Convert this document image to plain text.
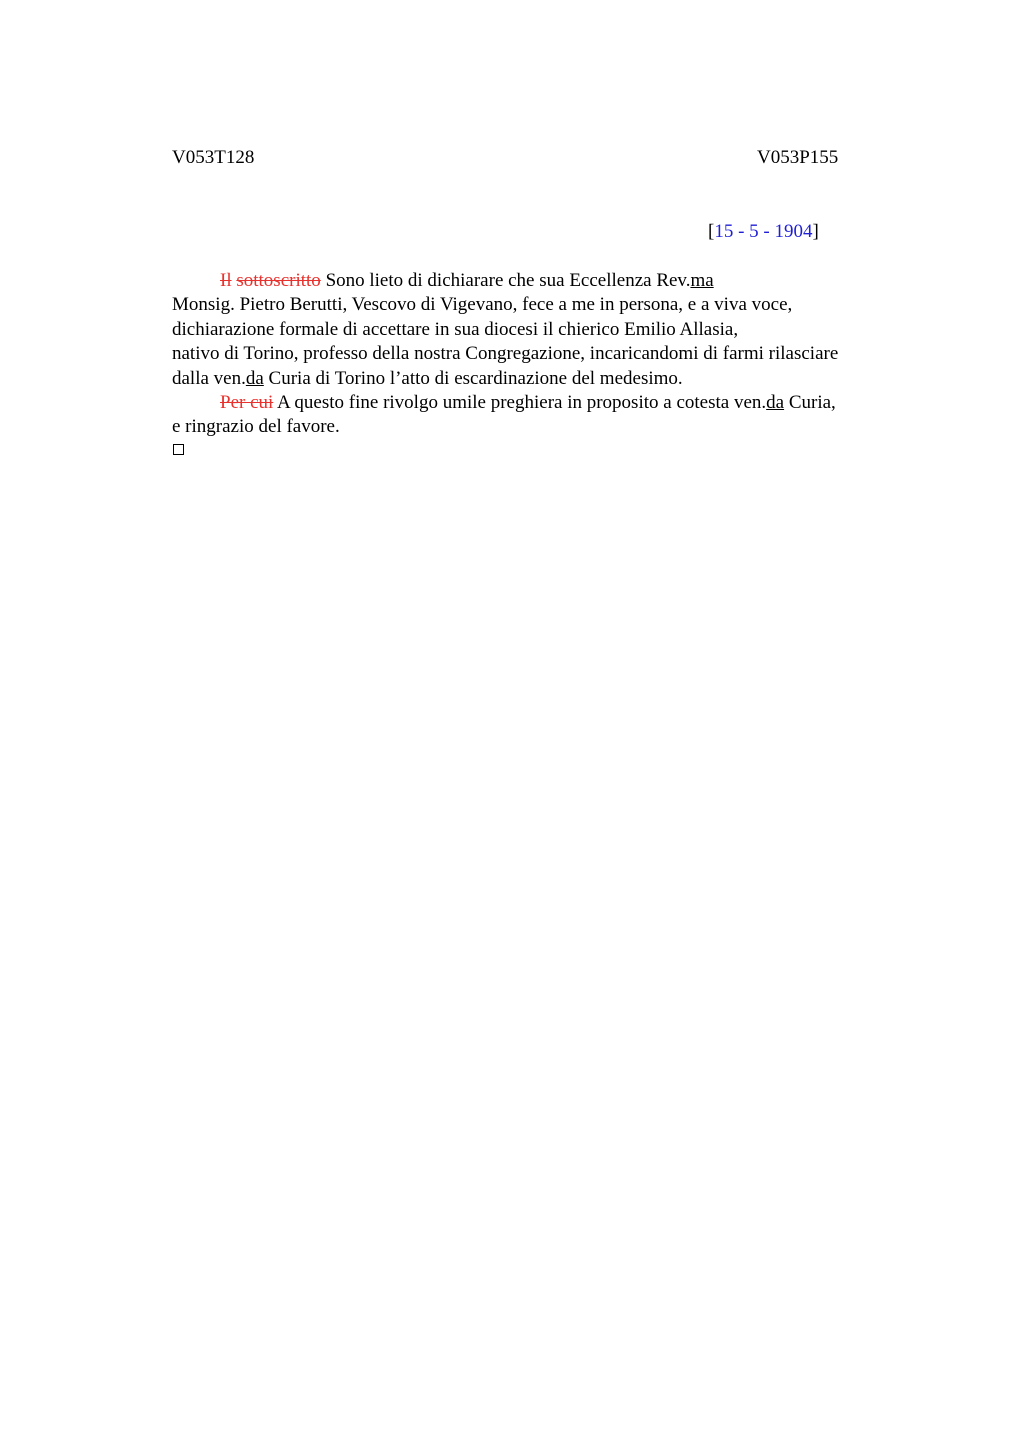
V053T128	V053P155
[15 - 5 - 1904]
Il sottoscritto Sono lieto di dichiarare che sua Eccellenza Rev.ma
Monsig. Pietro Berutti, Vescovo di Vigevano, fece a me in persona, e a viva voce,
dichiarazione formale di accettare in sua diocesi il chierico Emilio Allasia,
nativo di Torino, professo della nostra Congregazione, incaricandomi di farmi rilasciare
dalla ven.da Curia di Torino l’atto di escardinazione del medesimo.
Per cui A questo fine rivolgo umile preghiera in proposito a cotesta ven.da Curia,
e ringrazio del favore.
